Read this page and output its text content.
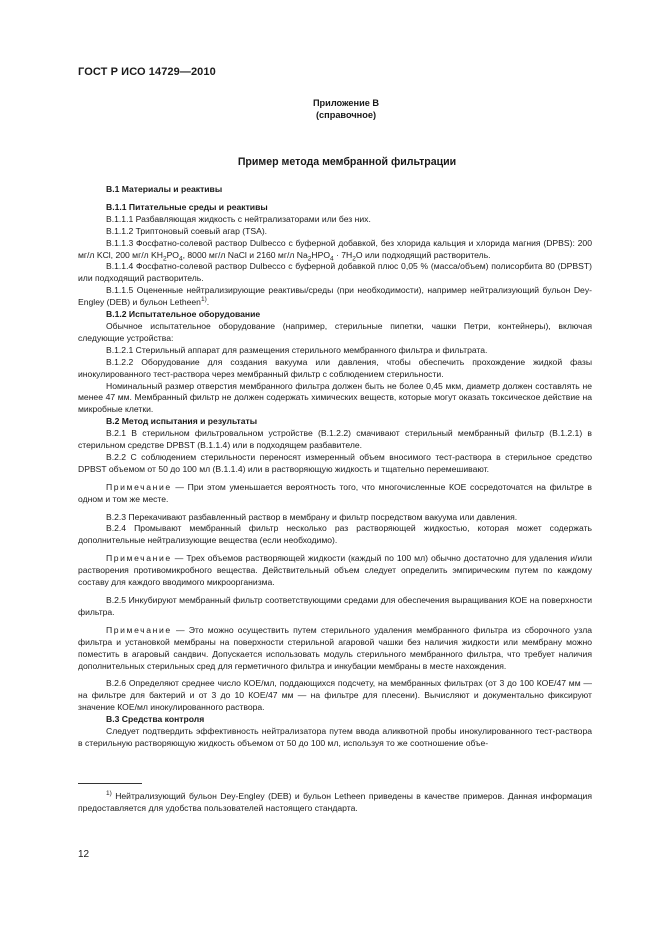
ГОСТ Р ИСО 14729—2010
Приложение В
(справочное)
Пример метода мембранной фильтрации

В.1 Материалы и реактивы

В.1.1 Питательные среды и реактивы

В.1.1.1 Разбавляющая жидкость с нейтрализаторами или без них.

В.1.1.2 Триптоновый соевый агар (TSA).

В.1.1.3 Фосфатно-солевой раствор Dulbecco с буферной добавкой, без хлорида кальция и хлорида магния (DPBS): 200 мг/л KCl, 200 мг/л $KH_2PO_4$, 8000 мг/л NaCl и 2160 мг/л $Na_2HPO_4 \cdot 7H_2O$ или подходящий растворитель.

В.1.1.4 Фосфатно-солевой раствор Dulbecco с буферной добавкой плюс 0,05 % (масса/объем) полисорбита 80 (DPBST) или подходящий растворитель.

В.1.1.5 Оцененные нейтрализирующие реактивы/среды (при необходимости), например нейтрализующий бульон Dey-Engley (DEB) и бульон Letheen$^{1)}$.

В.1.2 Испытательное оборудование

Обычное испытательное оборудование (например, стерильные пипетки, чашки Петри, контейнеры), включая следующие устройства:

В.1.2.1 Стерильный аппарат для размещения стерильного мембранного фильтра и фильтрата.

В.1.2.2 Оборудование для создания вакуума или давления, чтобы обеспечить прохождение жидкой фазы инокулированного тест-раствора через мембранный фильтр с соблюдением стерильности.

Номинальный размер отверстия мембранного фильтра должен быть не более 0,45 мкм, диаметр должен составлять не менее 47 мм. Мембранный фильтр не должен содержать химических веществ, которые могут оказать токсическое действие на микробные клетки.

В.2 Метод испытания и результаты

В.2.1 В стерильном фильтровальном устройстве (В.1.2.2) смачивают стерильный мембранный фильтр (В.1.2.1) в стерильном средстве DPBST (В.1.1.4) или в подходящем разбавителе.

В.2.2 С соблюдением стерильности переносят измеренный объем вносимого тест-раствора в стерильное средство DPBST объемом от 50 до 100 мл (В.1.1.4) или в растворяющую жидкость и тщательно перемешивают.

Примечание — При этом уменьшается вероятность того, что многочисленные КОЕ сосредоточатся на фильтре в одном и том же месте.

В.2.3 Перекачивают разбавленный раствор в мембрану и фильтр посредством вакуума или давления.

В.2.4 Промывают мембранный фильтр несколько раз растворяющей жидкостью, которая может содержать дополнительные нейтрализующие вещества (если необходимо).

Примечание — Трех объемов растворяющей жидкости (каждый по 100 мл) обычно достаточно для удаления и/или растворения противомикробного вещества. Действительный объем следует определить эмпирическим путем по каждому составу для каждого вводимого микроорганизма.

В.2.5 Инкубируют мембранный фильтр соответствующими средами для обеспечения выращивания КОЕ на поверхности фильтра.

Примечание — Это можно осуществить путем стерильного удаления мембранного фильтра из сборочного узла фильтра и установкой мембраны на поверхности стерильной агаровой чашки без наличия жидкости или мембрану можно поместить в агаровый сандвич. Допускается использовать модуль стерильного мембранного фильтра, что требует наличия дополнительных стерильных сред для герметичного фильтра и инкубации мембраны в месте нахождения.

В.2.6 Определяют среднее число КОЕ/мл, поддающихся подсчету, на мембранных фильтрах (от 3 до 100 КОЕ/47 мм — на фильтре для бактерий и от 3 до 10 КОЕ/47 мм — на фильтре для плесени). Вычисляют и документально фиксируют значение КОЕ/мл инокулированного раствора.

В.3 Средства контроля

Следует подтвердить эффективность нейтрализатора путем ввода аликвотной пробы инокулированного тест-раствора в стерильную растворяющую жидкость объемом от 50 до 100 мл, используя то же соотношение объе-

$^{1)}$ Нейтрализующий бульон Dey-Engley (DEB) и бульон Letheen приведены в качестве примеров. Данная информация предоставляется для удобства пользователей настоящего стандарта.

12
